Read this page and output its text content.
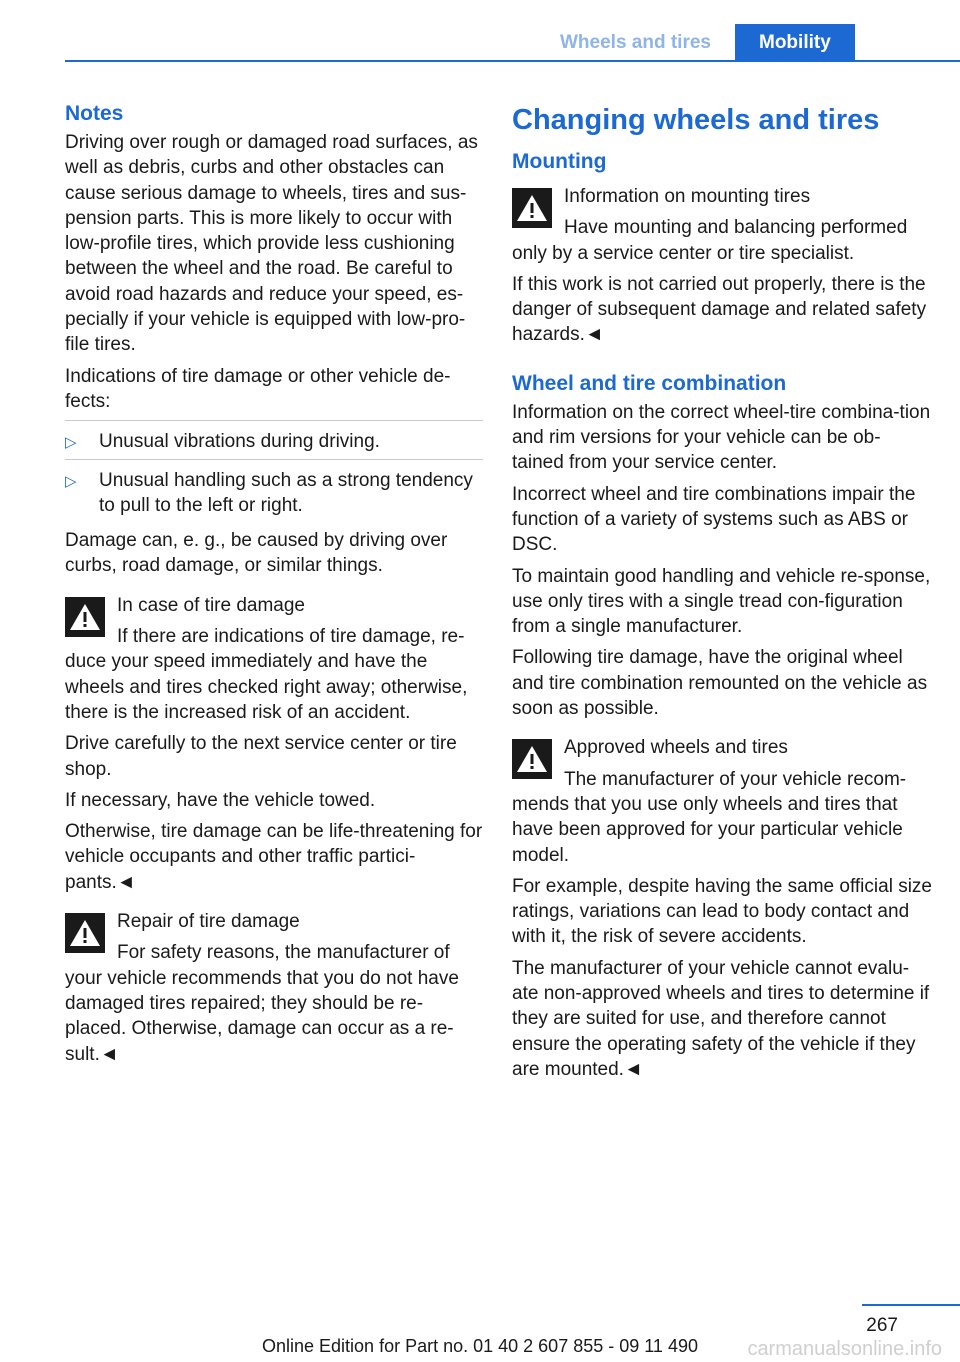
Wheels and tires	Mobility
Notes

Driving over rough or damaged road surfaces, as well as debris, curbs and other obstacles can cause serious damage to wheels, tires and sus-pension parts. This is more likely to occur with low-profile tires, which provide less cushioning between the wheel and the road. Be careful to avoid road hazards and reduce your speed, es-pecially if your vehicle is equipped with low-pro-file tires.

Indications of tire damage or other vehicle de-fects:

▷ Unusual vibrations during driving.
▷ Unusual handling such as a strong tendency to pull to the left or right.

Damage can, e. g., be caused by driving over curbs, road damage, or similar things.

In case of tire damage

If there are indications of tire damage, re-

duce your speed immediately and have the wheels and tires checked right away; otherwise, there is the increased risk of an accident.

Drive carefully to the next service center or tire shop.

If necessary, have the vehicle towed.

Otherwise, tire damage can be life-threatening for vehicle occupants and other traffic partici-pants.◄

Repair of tire damage

For safety reasons, the manufacturer of

your vehicle recommends that you do not have damaged tires repaired; they should be re-placed. Otherwise, damage can occur as a re-sult.◄

Changing wheels and tires
Mounting

Information on mounting tires

Have mounting and balancing performed

only by a service center or tire specialist.

If this work is not carried out properly, there is the danger of subsequent damage and related safety hazards.◄

Wheel and tire combination

Information on the correct wheel-tire combina-tion and rim versions for your vehicle can be ob-tained from your service center.

Incorrect wheel and tire combinations impair the function of a variety of systems such as ABS or DSC.

To maintain good handling and vehicle re-sponse, use only tires with a single tread con-figuration from a single manufacturer.

Following tire damage, have the original wheel and tire combination remounted on the vehicle as soon as possible.

Approved wheels and tires

The manufacturer of your vehicle recom-

mends that you use only wheels and tires that have been approved for your particular vehicle model.

For example, despite having the same official size ratings, variations can lead to body contact and with it, the risk of severe accidents.

The manufacturer of your vehicle cannot evalu-ate non-approved wheels and tires to determine if they are suited for use, and therefore cannot ensure the operating safety of the vehicle if they are mounted.◄

267
Online Edition for Part no. 01 40 2 607 855 - 09 11 490	carmanualsonline.info
